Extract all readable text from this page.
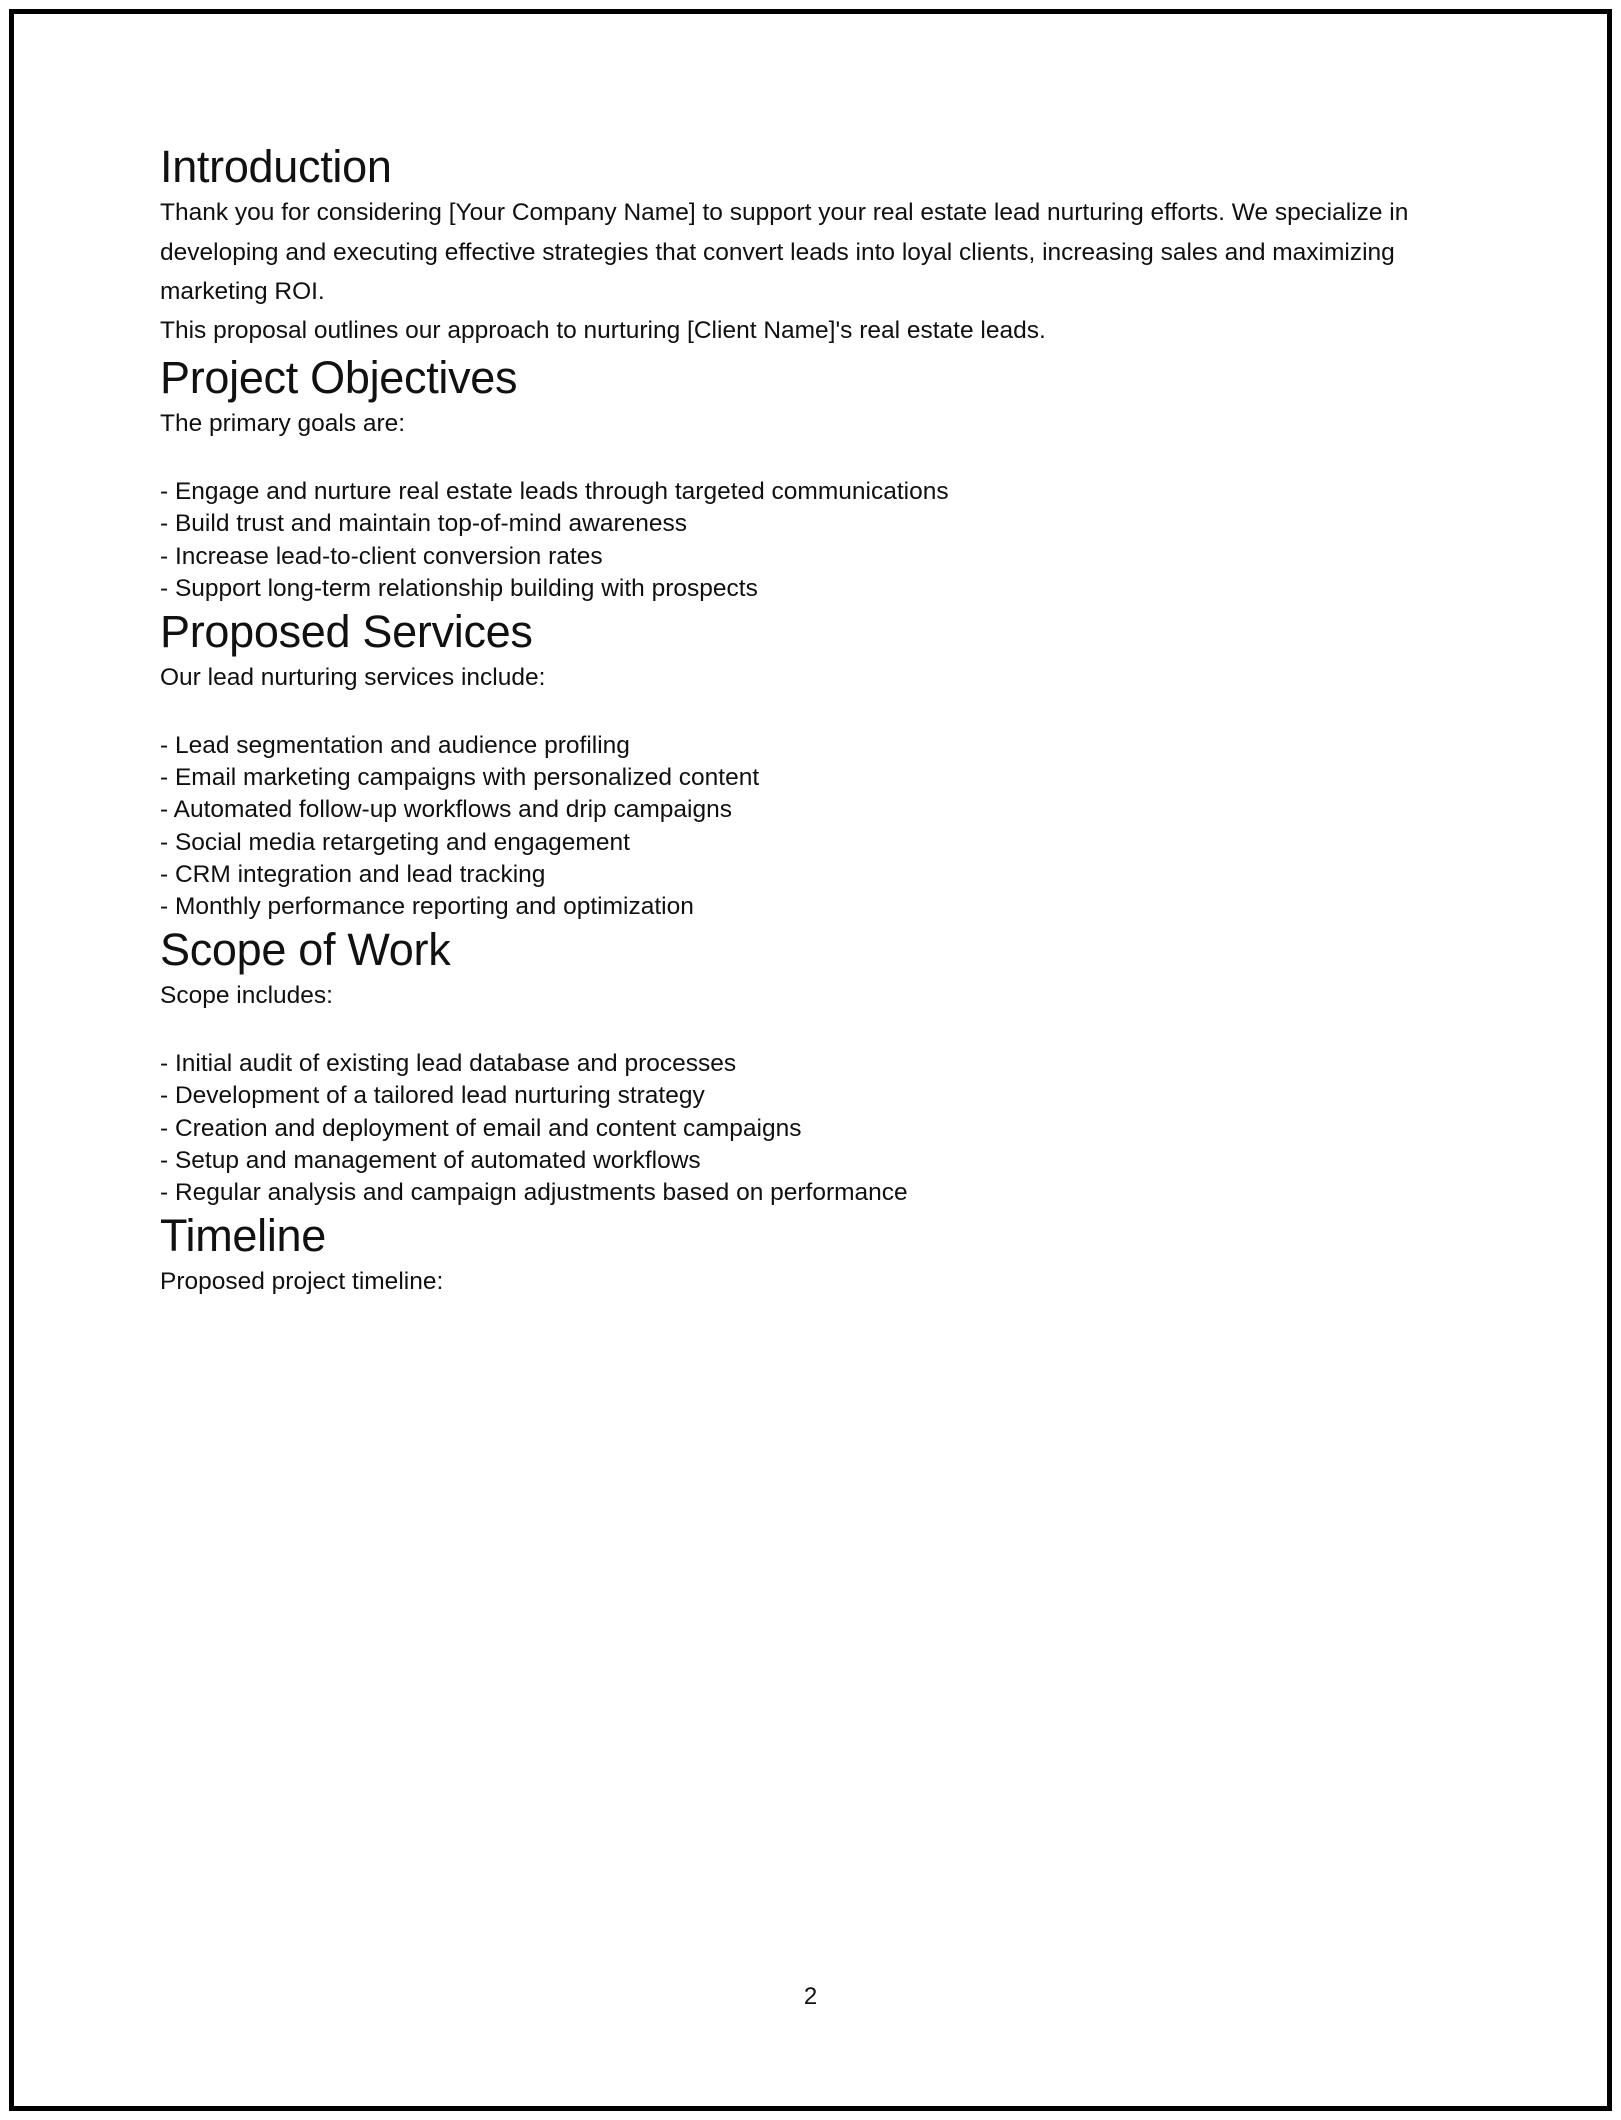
Introduction

Thank you for considering [Your Company Name] to support your real estate lead nurturing efforts. We specialize in developing and executing effective strategies that convert leads into loyal clients, increasing sales and maximizing marketing ROI.

This proposal outlines our approach to nurturing [Client Name]'s real estate leads.

Project Objectives

The primary goals are:

- Engage and nurture real estate leads through targeted communications
- Build trust and maintain top-of-mind awareness
- Increase lead-to-client conversion rates
- Support long-term relationship building with prospects
Proposed Services

Our lead nurturing services include:

- Lead segmentation and audience profiling
- Email marketing campaigns with personalized content
- Automated follow-up workflows and drip campaigns
- Social media retargeting and engagement
- CRM integration and lead tracking
- Monthly performance reporting and optimization
Scope of Work

Scope includes:

- Initial audit of existing lead database and processes
- Development of a tailored lead nurturing strategy
- Creation and deployment of email and content campaigns
- Setup and management of automated workflows
- Regular analysis and campaign adjustments based on performance
Timeline

Proposed project timeline:

2
